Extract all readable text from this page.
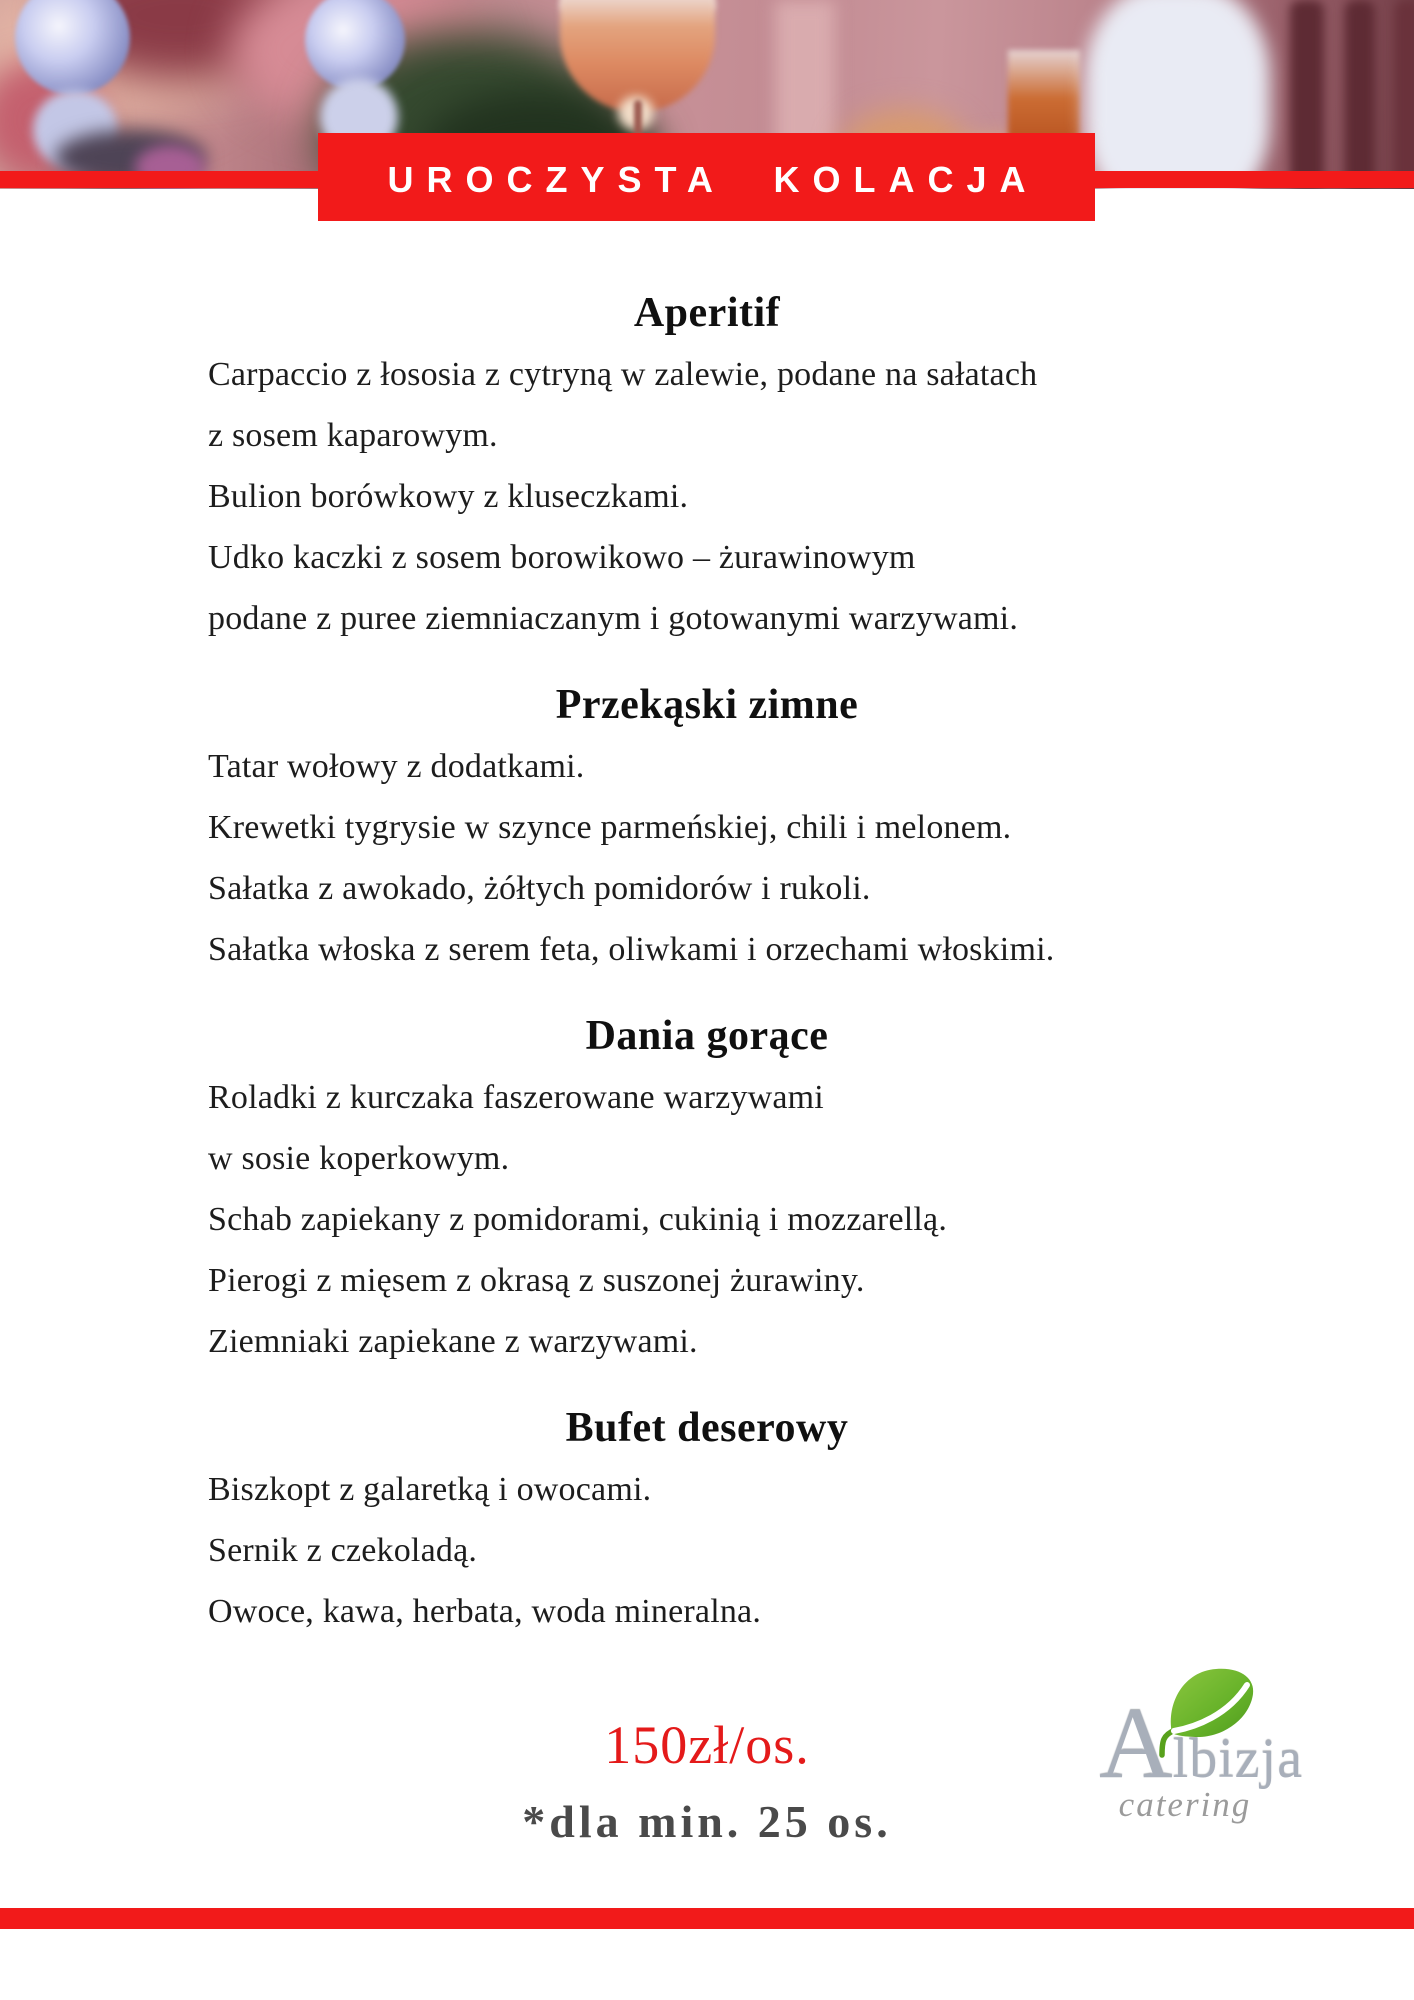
UROCZYSTA KOLACJA
Aperitif

Carpaccio z łososia z cytryną w zalewie, podane na sałatach

z sosem kaparowym.

Bulion borówkowy z kluseczkami.

Udko kaczki z sosem borowikowo – żurawinowym

podane z puree ziemniaczanym i gotowanymi warzywami.

Przekąski zimne

Tatar wołowy z dodatkami.

Krewetki tygrysie w szynce parmeńskiej, chili i melonem.

Sałatka z awokado, żółtych pomidorów i rukoli.

Sałatka włoska z serem feta, oliwkami i orzechami włoskimi.

Dania gorące

Roladki z kurczaka faszerowane warzywami

w sosie koperkowym.

Schab zapiekany z pomidorami, cukinią i mozzarellą.

Pierogi z mięsem z okrasą z suszonej żurawiny.

Ziemniaki zapiekane z warzywami.

Bufet deserowy

Biszkopt z galaretką i owocami.

Sernik z czekoladą.

Owoce, kawa, herbata, woda mineralna.

150zł/os.
*dla min. 25 os.
A lbizja
catering
